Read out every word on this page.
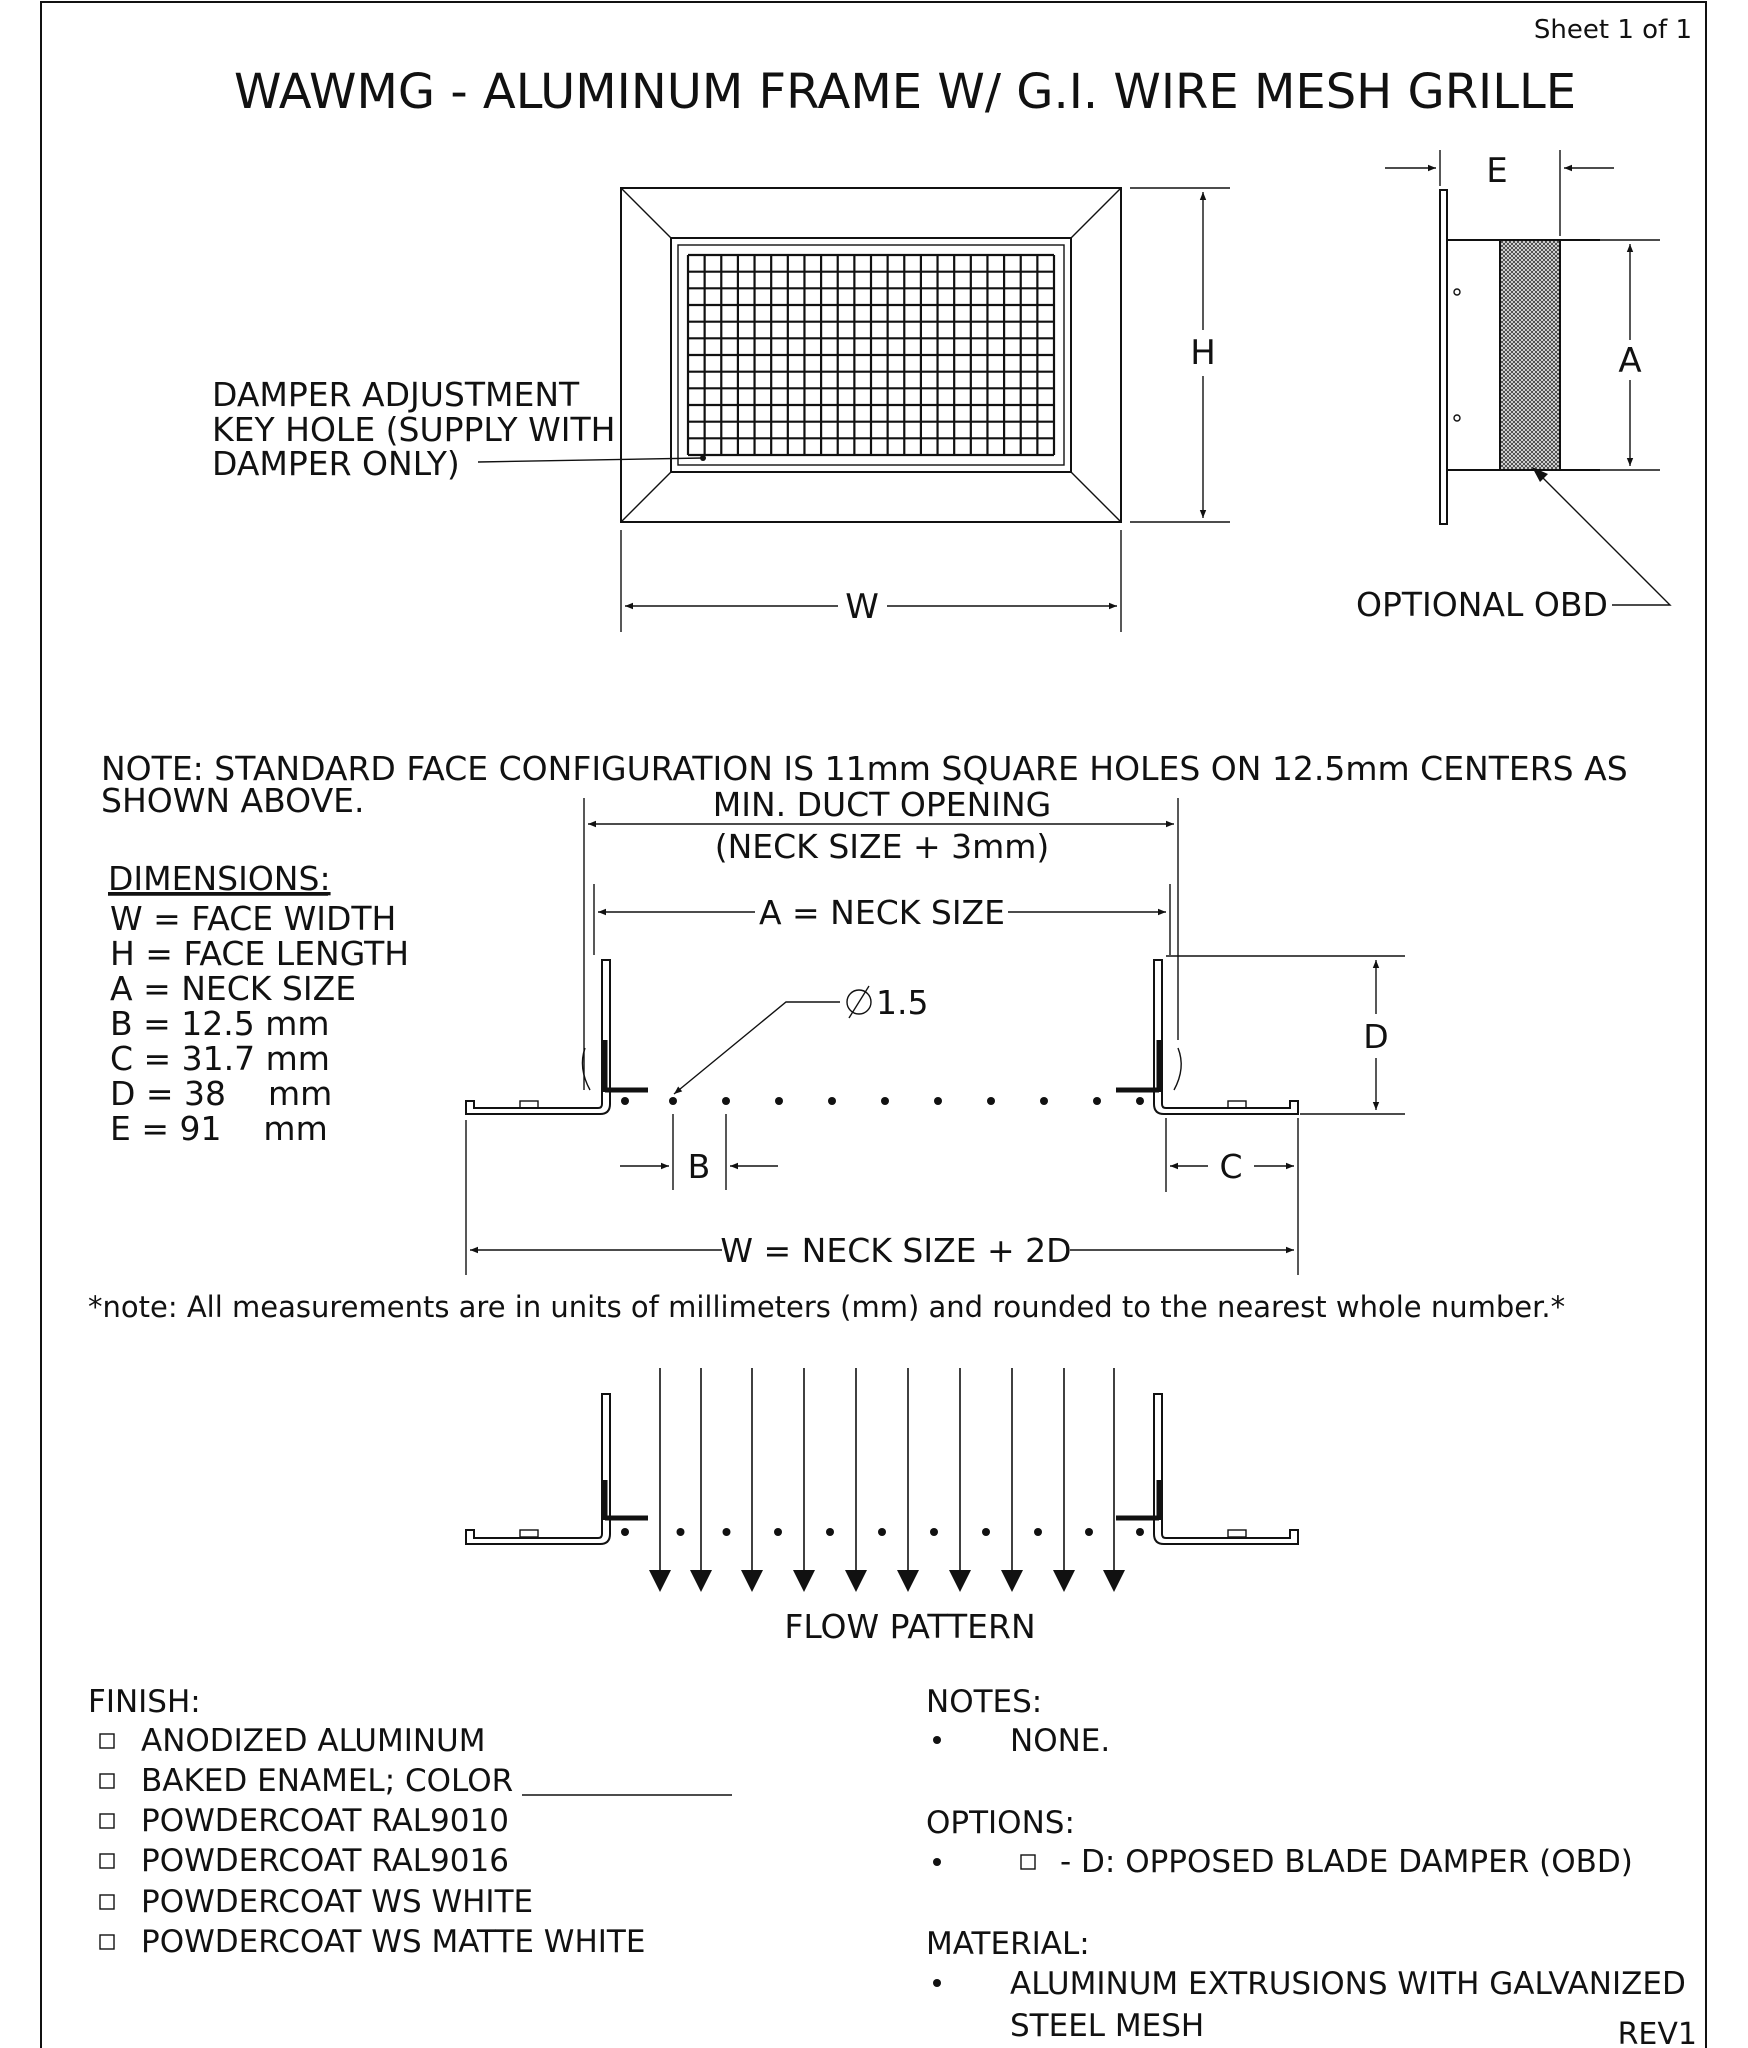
Sheet 1 of 1
WAWMG - ALUMINUM FRAME W/ G.I. WIRE MESH GRILLE
W
H
DAMPER ADJUSTMENT
KEY HOLE (SUPPLY WITH
DAMPER ONLY)
E
A
OPTIONAL OBD
NOTE: STANDARD FACE CONFIGURATION IS 11mm SQUARE HOLES ON 12.5mm CENTERS AS
SHOWN ABOVE.
DIMENSIONS:
W = FACE WIDTH
H = FACE LENGTH
A = NECK SIZE
B = 12.5 mm
C = 31.7 mm
D = 38    mm
E = 91    mm
MIN. DUCT OPENING
(NECK SIZE + 3mm)
A = NECK SIZE
1.5
D
B	C
W = NECK SIZE + 2D
*note: All measurements are in units of millimeters (mm) and rounded to the nearest whole number.*
FLOW PATTERN
FINISH:
ANODIZED ALUMINUM
BAKED ENAMEL; COLOR
POWDERCOAT RAL9010
POWDERCOAT RAL9016
POWDERCOAT WS WHITE
POWDERCOAT WS MATTE WHITE
NOTES:
NONE.
OPTIONS:
- D: OPPOSED BLADE DAMPER (OBD)
MATERIAL:
ALUMINUM EXTRUSIONS WITH GALVANIZED
STEEL MESH	REV1
